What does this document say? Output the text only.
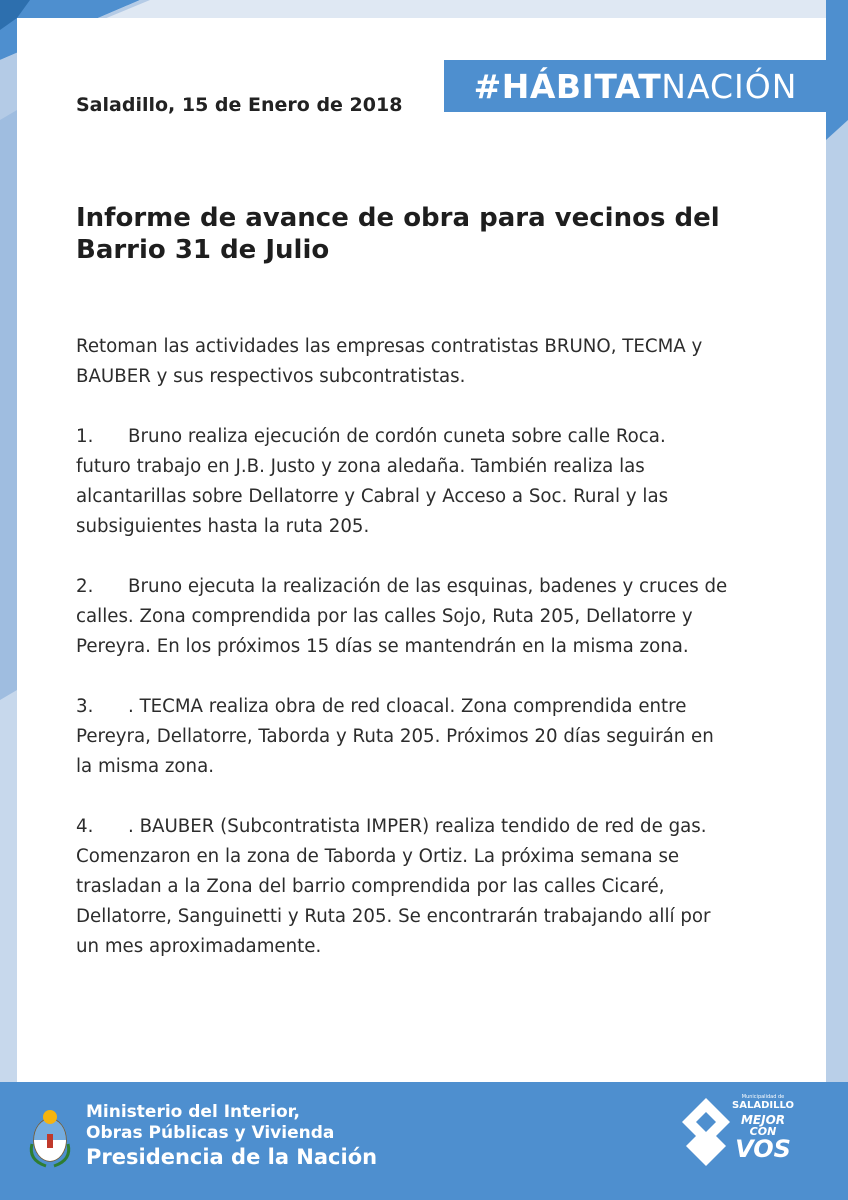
#HÁBITAT NACIÓN
Saladillo, 15 de Enero de 2018
Informe de avance de obra para vecinos del Barrio 31 de Julio

Retoman las actividades las empresas contratistas BRUNO, TECMA y

BAUBER y sus respectivos subcontratistas.

1. Bruno realiza ejecución de cordón cuneta sobre calle Roca.

futuro trabajo en J.B. Justo y zona aledaña. También realiza las

alcantarillas sobre Dellatorre y Cabral y Acceso a Soc. Rural y las

subsiguientes hasta la ruta 205.

2. Bruno ejecuta la realización de las esquinas, badenes y cruces de

calles. Zona comprendida por las calles Sojo, Ruta 205, Dellatorre y

Pereyra. En los próximos 15 días se mantendrán en la misma zona.

3. . TECMA realiza obra de red cloacal. Zona comprendida entre

Pereyra, Dellatorre, Taborda y Ruta 205. Próximos 20 días seguirán en

la misma zona.

4. . BAUBER (Subcontratista IMPER) realiza tendido de red de gas.

Comenzaron en la zona de Taborda y Ortiz. La próxima semana se

trasladan a la Zona del barrio comprendida por las calles Cicaré,

Dellatorre, Sanguinetti y Ruta 205. Se encontrarán trabajando allí por

un mes aproximadamente.

Ministerio del Interior,
Obras Públicas y Vivienda
Presidencia de la Nación
Municipalidad de
SALADILLO
MEJOR
CON
VOS
